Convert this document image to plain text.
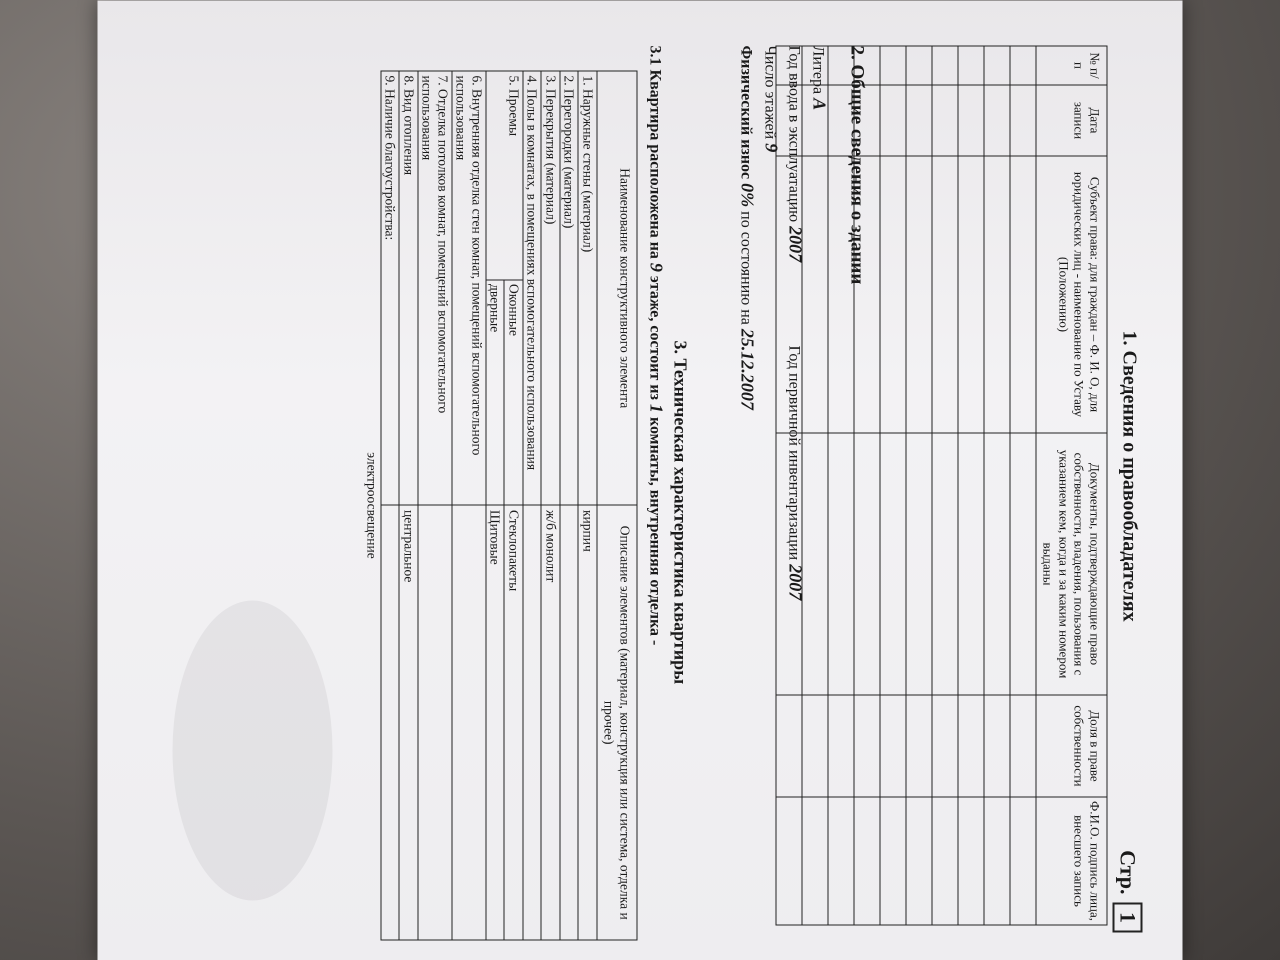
Стр.1
1. Сведения о правообладателях
№ п/п	Дата записи	Субъект права: для граждан – Ф. И. О, для юридических лиц - наименование по Уставу (Положению)	Документы, подтверждающие право собственности, владения, пользования с указанием кем, когда и за каким номером выданы	Доля в праве собственности	Ф.И.О. подпись лица, внесшего запись

2. Общие сведения о здании
Литера А
Год ввода в эксплуатацию 2007
Год первичной инвентаризации 2007
Число этажей 9
Физический износ 0% по состоянию на 25.12.2007
3. Техническая характеристика квартиры
3.1 Квартира расположена на 9 этаже, состоит из 1 комнаты, внутренняя отделка -
Наименование конструктивного элемента		Описание элементов (материал, конструкция или система, отделка и прочее)
1. Наружные стены (материал)		кирпич
2. Перегородки (материал)		
3. Перекрытия (материал)		ж/б монолит
4. Полы в комнатах, в помещениях вспомогательного использования		
5. Проемы	Оконные	Стеклопакеты
	дверные	Щитовые
6. Внутренняя отделка стен комнат, помещений вспомогательного использования		
7. Отделка потолков комнат, помещений вспомогательного использования		
8. Вид отопления		центральное
9. Наличие благоустройства:		
электроосвещение		
